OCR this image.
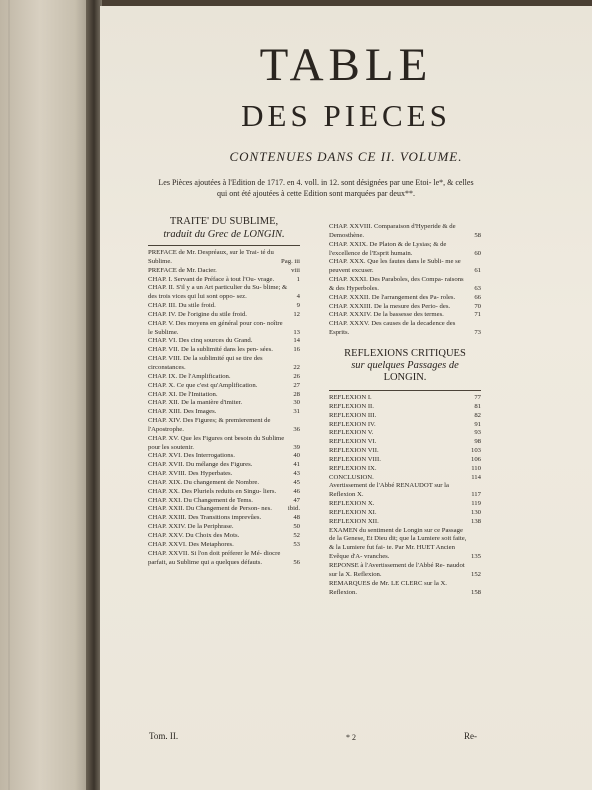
TABLE
DES PIECES
CONTENUES DANS CE II. VOLUME.
Les Pièces ajoutées à l'Edition de 1717. en 4. voll. in 12. sont désignées par une Etoi- le*, & celles qui ont été ajoutées à cette Edition sont marquées par deux**.
TRAITE' DU SUBLIME,
traduit du Grec de LONGIN.
PREFACE de Mr. Despréaux, sur le Trai- té du Sublime.	Pag. iii
PREFACE de Mr. Dacier.	viii
CHAP. I. Servant de Préface à tout l'Ou- vrage.	1
CHAP. II. S'il y a un Art particulier du Su- blime; & des trois vices qui lui sont oppo- sez.	4
CHAP. III. Du stile froid.	9
CHAP. IV. De l'origine du stile froid.	12
CHAP. V. Des moyens en général pour con- noître le Sublime.	13
CHAP. VI. Des cinq sources du Grand.	14
CHAP. VII. De la sublimité dans les pen- sées.	16
CHAP. VIII. De la sublimité qui se tire des circonstances.	22
CHAP. IX. De l'Amplification.	26
CHAP. X. Ce que c'est qu'Amplification.	27
CHAP. XI. De l'Imitation.	28
CHAP. XII. De la manière d'imiter.	30
CHAP. XIII. Des Images.	31
CHAP. XIV. Des Figures; & premierement de l'Apostrophe.	36
CHAP. XV. Que les Figures ont besoin du Sublime pour les soutenir.	39
CHAP. XVI. Des Interrogations.	40
CHAP. XVII. Du mélange des Figures.	41
CHAP. XVIII. Des Hyperbates.	43
CHAP. XIX. Du changement de Nombre.	45
CHAP. XX. Des Pluriels reduits en Singu- liers.	46
CHAP. XXI. Du Changement de Tems.	47
CHAP. XXII. Du Changement de Person- nes. ibid.
CHAP. XXIII. Des Transitions imprevûes.	48
CHAP. XXIV. De la Periphrase.	50
CHAP. XXV. Du Choix des Mots.	52
CHAP. XXVI. Des Metaphores.	53
CHAP. XXVII. Si l'on doit préferer le Mé- diocre parfait, au Sublime qui a quelques défauts.	56
CHAP. XXVIII. Comparaison d'Hyperide & de Demosthène.	58
CHAP. XXIX. De Platon & de Lysias; & de l'excellence de l'Esprit humain.	60
CHAP. XXX. Que les fautes dans le Subli- me se peuvent excuser.	61
CHAP. XXXI. Des Paraboles, des Compa- raisons & des Hyperboles.	63
CHAP. XXXII. De l'arrangement des Pa- roles.	66
CHAP. XXXIII. De la mesure des Perio- des.	70
CHAP. XXXIV. De la bassesse des termes.	71
CHAP. XXXV. Des causes de la decadence des Esprits.	73
REFLEXIONS CRITIQUES
sur quelques Passages de
LONGIN.
REFLEXION I.	77
REFLEXION II.	81
REFLEXION III.	82
REFLEXION IV.	91
REFLEXION V.	93
REFLEXION VI.	98
REFLEXION VII.	103
REFLEXION VIII.	106
REFLEXION IX.	110
CONCLUSION.	114
Avertissement de l'Abbé RENAUDOT sur la Reflexion X.	117
REFLEXION X.	119
REFLEXION XI.	130
REFLEXION XII.	138
EXAMEN du sentiment de Longin sur ce Passage de la Genese, Et Dieu dit; que la Lumiere soit faite, & la Lumiere fut fai- te. Par Mr. HUET Ancien Evêque d'A- vranches.	135
REPONSE à l'Avertissement de l'Abbé Re- naudot sur la X. Reflexion.	152
REMARQUES de Mr. LE CLERC sur la X. Reflexion.	158
Tom. II.	* 2	Re-
